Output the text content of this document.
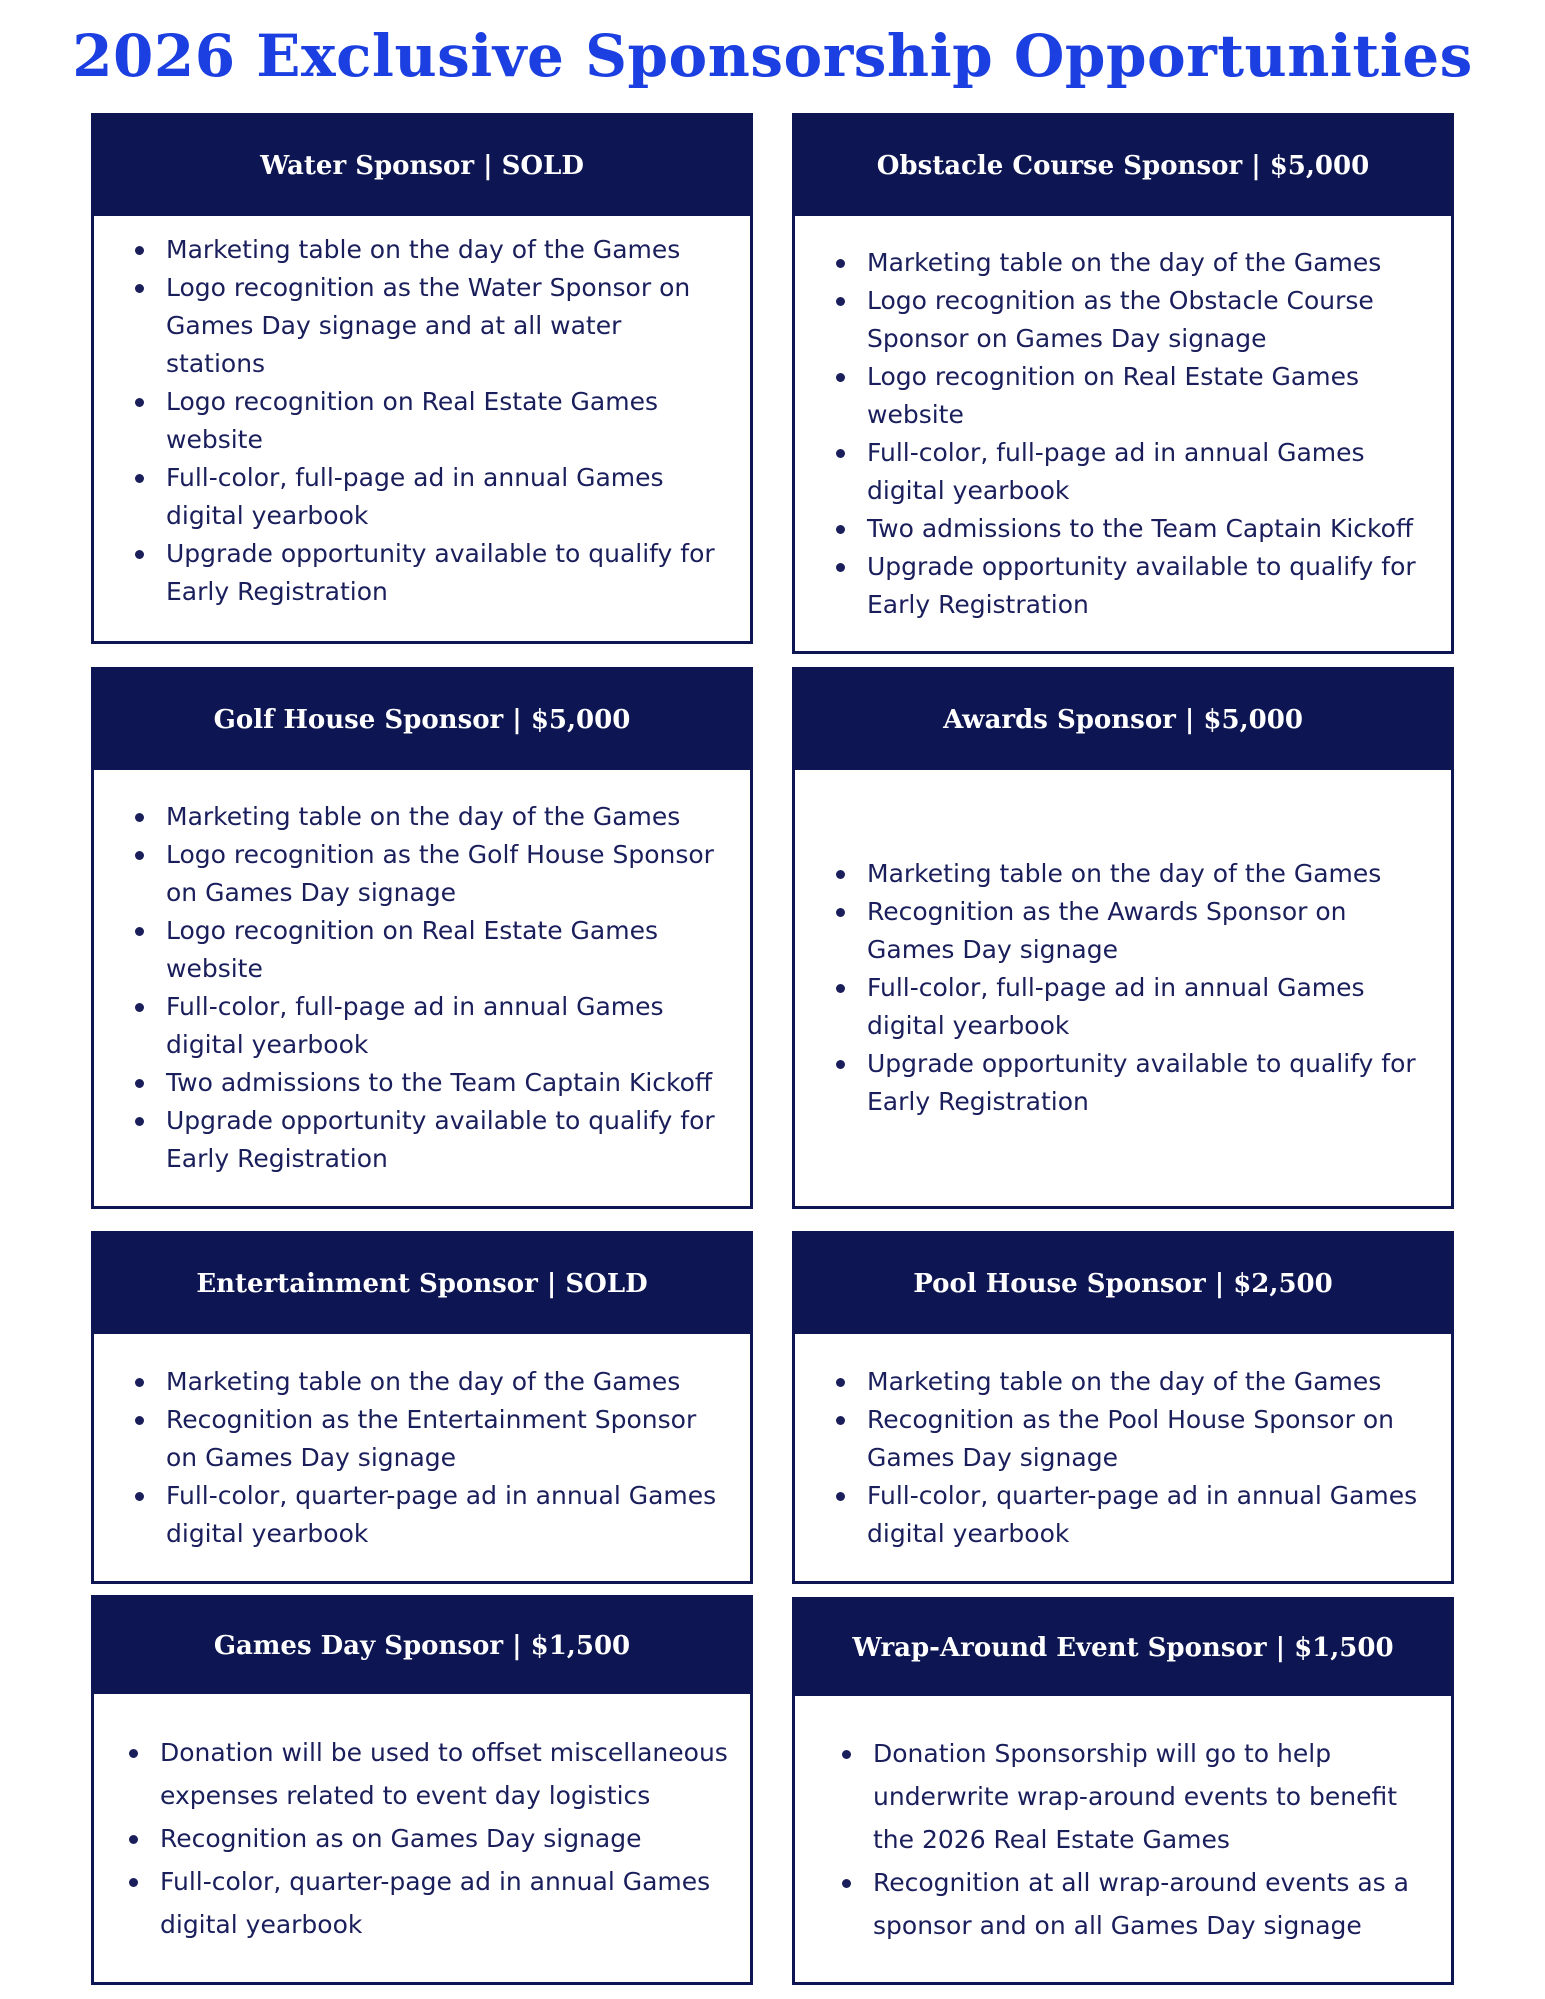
2026 Exclusive Sponsorship Opportunities
Water Sponsor | SOLD
Marketing table on the day of the Games
Logo recognition as the Water Sponsor on Games Day signage and at all water stations
Logo recognition on Real Estate Games website
Full-color, full-page ad in annual Games digital yearbook
Upgrade opportunity available to qualify for Early Registration
Obstacle Course Sponsor | $5,000
Marketing table on the day of the Games
Logo recognition as the Obstacle Course Sponsor on Games Day signage
Logo recognition on Real Estate Games website
Full-color, full-page ad in annual Games digital yearbook
Two admissions to the Team Captain Kickoff
Upgrade opportunity available to qualify for Early Registration
Golf House Sponsor | $5,000
Marketing table on the day of the Games
Logo recognition as the Golf House Sponsor on Games Day signage
Logo recognition on Real Estate Games website
Full-color, full-page ad in annual Games digital yearbook
Two admissions to the Team Captain Kickoff
Upgrade opportunity available to qualify for Early Registration
Awards Sponsor | $5,000
Marketing table on the day of the Games
Recognition as the Awards Sponsor on Games Day signage
Full-color, full-page ad in annual Games digital yearbook
Upgrade opportunity available to qualify for Early Registration
Entertainment Sponsor | SOLD
Marketing table on the day of the Games
Recognition as the Entertainment Sponsor on Games Day signage
Full-color, quarter-page ad in annual Games digital yearbook
Pool House Sponsor | $2,500
Marketing table on the day of the Games
Recognition as the Pool House Sponsor on Games Day signage
Full-color, quarter-page ad in annual Games digital yearbook
Games Day Sponsor | $1,500
Donation will be used to offset miscellaneous expenses related to event day logistics
Recognition as on Games Day signage
Full-color, quarter-page ad in annual Games digital yearbook
Wrap-Around Event Sponsor | $1,500
Donation Sponsorship will go to help underwrite wrap-around events to benefit the 2026 Real Estate Games
Recognition at all wrap-around events as a sponsor and on all Games Day signage
